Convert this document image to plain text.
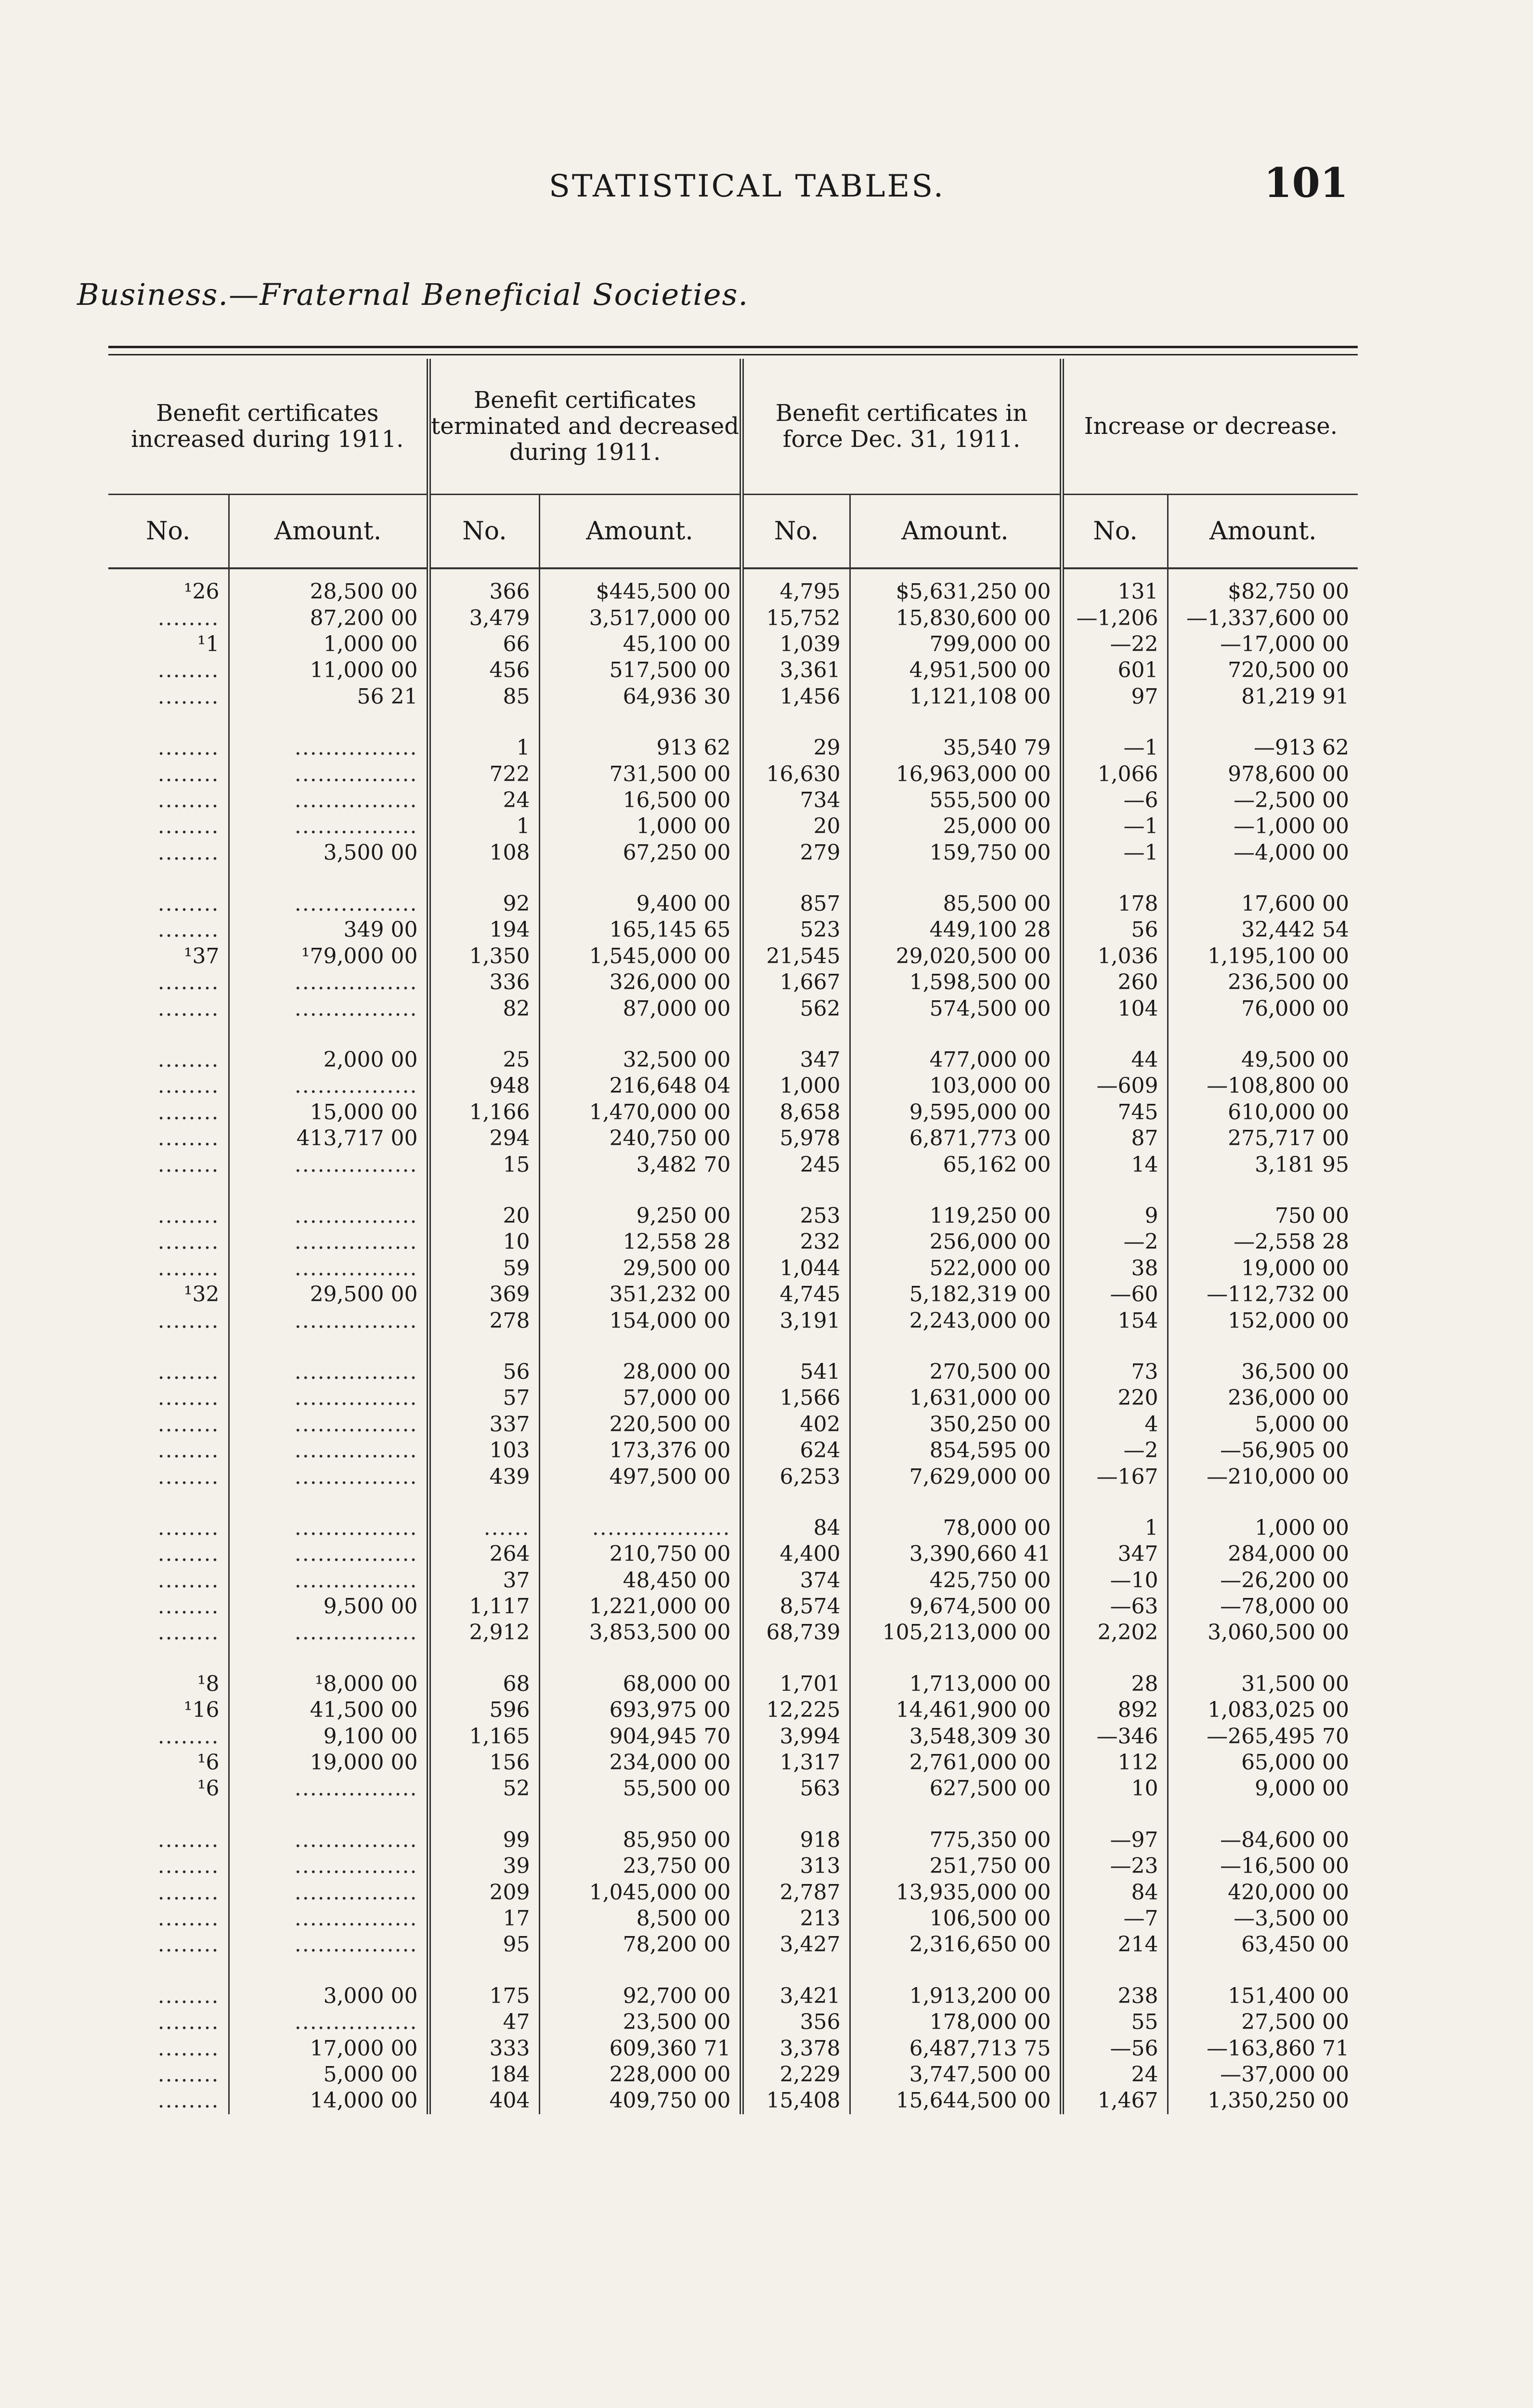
STATISTICAL TABLES.	101
Business.—Fraternal Beneficial Societies.
Benefit certificates increased during 1911.		Benefit certificates terminated and decreased during 1911.		Benefit certificates in force Dec. 31, 1911.		Increase or decrease.	
No.	Amount.	No.	Amount.	No.	Amount.	No.	Amount.
¹26	28,500 00	366	$445,500 00	4,795	$5,631,250 00	131	$82,750 00
........	87,200 00	3,479	3,517,000 00	15,752	15,830,600 00	—1,206	—1,337,600 00
¹1	1,000 00	66	45,100 00	1,039	799,000 00	—22	—17,000 00
........	11,000 00	456	517,500 00	3,361	4,951,500 00	601	720,500 00
........	56 21	85	64,936 30	1,456	1,121,108 00	97	81,219 91

........	................	1	913 62	29	35,540 79	—1	—913 62
........	................	722	731,500 00	16,630	16,963,000 00	1,066	978,600 00
........	................	24	16,500 00	734	555,500 00	—6	—2,500 00
........	................	1	1,000 00	20	25,000 00	—1	—1,000 00
........	3,500 00	108	67,250 00	279	159,750 00	—1	—4,000 00

........	................	92	9,400 00	857	85,500 00	178	17,600 00
........	349 00	194	165,145 65	523	449,100 28	56	32,442 54
¹37	¹79,000 00	1,350	1,545,000 00	21,545	29,020,500 00	1,036	1,195,100 00
........	................	336	326,000 00	1,667	1,598,500 00	260	236,500 00
........	................	82	87,000 00	562	574,500 00	104	76,000 00

........	2,000 00	25	32,500 00	347	477,000 00	44	49,500 00
........	................	948	216,648 04	1,000	103,000 00	—609	—108,800 00
........	15,000 00	1,166	1,470,000 00	8,658	9,595,000 00	745	610,000 00
........	413,717 00	294	240,750 00	5,978	6,871,773 00	87	275,717 00
........	................	15	3,482 70	245	65,162 00	14	3,181 95

........	................	20	9,250 00	253	119,250 00	9	750 00
........	................	10	12,558 28	232	256,000 00	—2	—2,558 28
........	................	59	29,500 00	1,044	522,000 00	38	19,000 00
¹32	29,500 00	369	351,232 00	4,745	5,182,319 00	—60	—112,732 00
........	................	278	154,000 00	3,191	2,243,000 00	154	152,000 00

........	................	56	28,000 00	541	270,500 00	73	36,500 00
........	................	57	57,000 00	1,566	1,631,000 00	220	236,000 00
........	................	337	220,500 00	402	350,250 00	4	5,000 00
........	................	103	173,376 00	624	854,595 00	—2	—56,905 00
........	................	439	497,500 00	6,253	7,629,000 00	—167	—210,000 00

........	................	......	..................	84	78,000 00	1	1,000 00
........	................	264	210,750 00	4,400	3,390,660 41	347	284,000 00
........	................	37	48,450 00	374	425,750 00	—10	—26,200 00
........	9,500 00	1,117	1,221,000 00	8,574	9,674,500 00	—63	—78,000 00
........	................	2,912	3,853,500 00	68,739	105,213,000 00	2,202	3,060,500 00

¹8	¹8,000 00	68	68,000 00	1,701	1,713,000 00	28	31,500 00
¹16	41,500 00	596	693,975 00	12,225	14,461,900 00	892	1,083,025 00
........	9,100 00	1,165	904,945 70	3,994	3,548,309 30	—346	—265,495 70
¹6	19,000 00	156	234,000 00	1,317	2,761,000 00	112	65,000 00
¹6	................	52	55,500 00	563	627,500 00	10	9,000 00

........	................	99	85,950 00	918	775,350 00	—97	—84,600 00
........	................	39	23,750 00	313	251,750 00	—23	—16,500 00
........	................	209	1,045,000 00	2,787	13,935,000 00	84	420,000 00
........	................	17	8,500 00	213	106,500 00	—7	—3,500 00
........	................	95	78,200 00	3,427	2,316,650 00	214	63,450 00

........	3,000 00	175	92,700 00	3,421	1,913,200 00	238	151,400 00
........	................	47	23,500 00	356	178,000 00	55	27,500 00
........	17,000 00	333	609,360 71	3,378	6,487,713 75	—56	—163,860 71
........	5,000 00	184	228,000 00	2,229	3,747,500 00	24	—37,000 00
........	14,000 00	404	409,750 00	15,408	15,644,500 00	1,467	1,350,250 00
